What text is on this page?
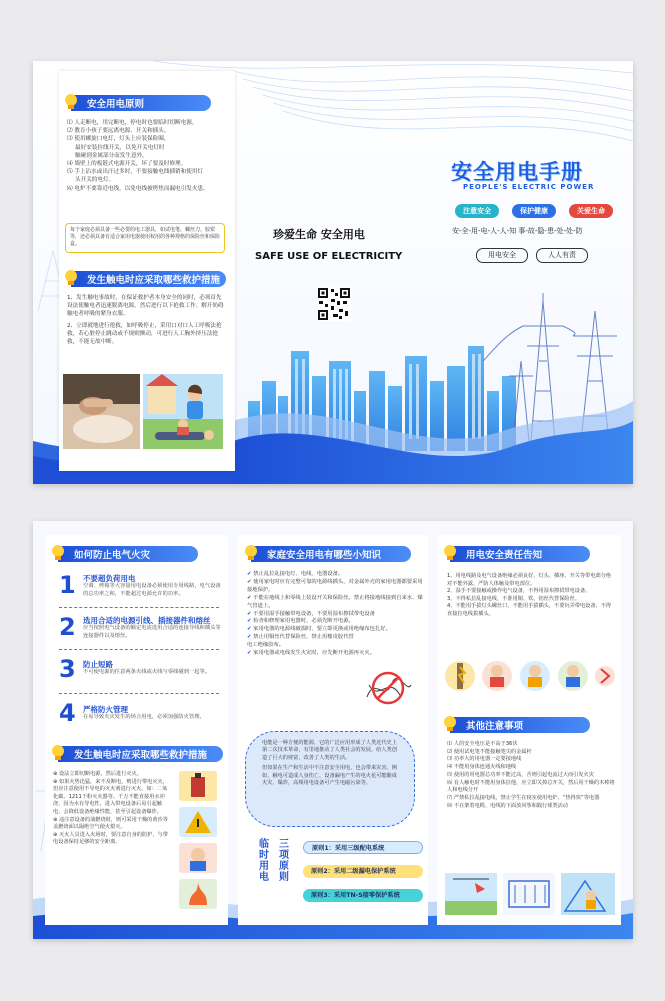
安全用电原则

⑴ 人走断电，用完断电，停电时也要临时切断电源。

⑵ 教育小孩子要远离电源、开关和插头。

⑶ 使用螺旋口电灯，灯头上应装保险圈，

最好安装拉线开关，以免开关电灯时

触碰到金属部分而发生意外。

⑷ 墙壁上的板链式电源开关，坏了要及时修理。

⑸ 手上沾水或出汗过多时，不要接触电线插销和使用灯

头开关的电灯。

⑹ 电炉不要靠近电线，以免电线被烤焦而漏电引发火患。

每个家庭必须具备一些必要的电工器具，如试电笔、螺丝刀、胶钳等，还必须具备有适合家用电器使用权用的各种规格的保险丝和保险盒。
发生触电时应采取哪些救护措施

1、发生触电事故时，在保证救护者本身安全的同时，必须首先设法使触电者迅速脱离电源，然后进行以下抢救工作。解开妨碍触电者呼吸的紧身衣服。

2、立即就地进行抢救，如呼吸停止，采用口对口人工呼吸法抢救，若心脏停止跳动或不规则颤动，可进行人工胸外挤压法抢救，不能无故中断。

珍爱生命 安全用电
SAFE USE OF ELECTRICITY
安全用电手册
PEOPLE'S ELECTRIC POWER
注意安全	保护健康	关爱生命
安-全-用-电-人-人-知 事-故-隐-患-处-处-防
用电安全	人人有责
如何防止电气火灾
1 不要超负荷用电
空调、烤箱等大容量用电设备必须使用专用线路，电气设备的总功率之和，不能超过电源允许的功率。
2 选用合适的电源引线、插接器件和熔丝
应当按照电气设备的额定电流选用合适的连接导线和插头等连接器件以及熔丝。
3 防止短路
不可使电源的任意两条火线或火线与零线碰到一起等。
4 严格防火管理
在易导致火灾发生的场合用电，必须加强防火管理。
发生触电时应采取哪些救护措施

⊕ 设法立即切断电源，然后进行灭火。

⊕ 如果火势迅猛，来不及断电，则进行带电灭火，但应注意使用不导电的灭火剂进行灭火。如：二氧化碳、1211干粉灭火器等。千万不能直接用水冲浇，因为水有导电性，进入带电设备后易引起触电，会降低设备绝缘性能，甚至引起设备爆炸。

⊕ 违注意设备的油燃烧时，则可采用干燥的黄沙等盖燃烧面以隔绝空气使火熄灭。

⊕ 灭火人员进入火场时，要注意自身的防护，与带电设备保持足够的安全距离。

家庭安全用电有哪些小知识

✔ 禁止乱拉乱接电灯、电线、电器设备。

✔ 使用家电时应有完整可靠的电源线插头，对金属外壳的家用电器都要采用接地保护。

✔ 不能在地线上和零线上装设开关和保险丝。禁止将接地线接到自来水、煤气管道上。

✔ 不要用湿手接触带电设备，不要用湿布擦拭带电设备

✔ 检查和修理家用电器时，必须先断开电源。

✔ 家用电器的电源线破损时，要立即更换或用绝缘布包扎好。

✔ 禁止用铜丝代替保险丝，禁止用橡皮胶代替电工绝缘胶布。

✔ 家用电器或电线发生火灾时，应先断开电源再灭火。

电能是一种方便的能源，它的广泛应用形成了人类近代史上第二次技术革命，有里地推动了人类社会的发展，给人类创造了巨大的财富，改善了人类的生活。

但如果在生产和生活中不注意安全用电，也会带来灾害。例如，触电可造成人身伤亡，设备漏电产生的电火花可能酿成火灾、爆炸，高频用电设备可产生电磁污染等。

临时用电
三项原则
原则1：采用三级配电系统
原则2：采用二级漏电保护系统
原则3：采用TN-S接零保护系统
用电安全责任告知

1、用电线路及电气设备绝缘必须良好，灯头、插座、开关等带电部分绝对不能外露，严防人体触及带电部位。

2、湿手不要接触或操作电气设备，不得用湿布擦拭带电设备。

3、不得私拉乱接电线，不准用铜、铁、铝丝代替保险丝。

4、不能用手拔灯头螺丝口，不能用手拔插头，不要玩弄带电设备，不得直接拉电线拔插头。

其他注意事项

⑴ 人的安全电压是不高于36伏

⑵ 使用试电笔不能接触笔尖的金属杆

⑶ 功率大的用电器一定要接地线

⑷ 不能用身体连通火线和地线

⑸ 使用的用电器总功率不能过高，否则引起电流过大而引发火灾

⑹ 有人触电时不能用身体拉他，应立即关掉总开关，然后用干燥的木棒将人和电线分开

⑺ 严禁私拉乱接电线，禁止学生在寝室使用电炉、“热得快”等电器

⑻ 不在架着电缆、电线的下面放风筝和践行球类活动
